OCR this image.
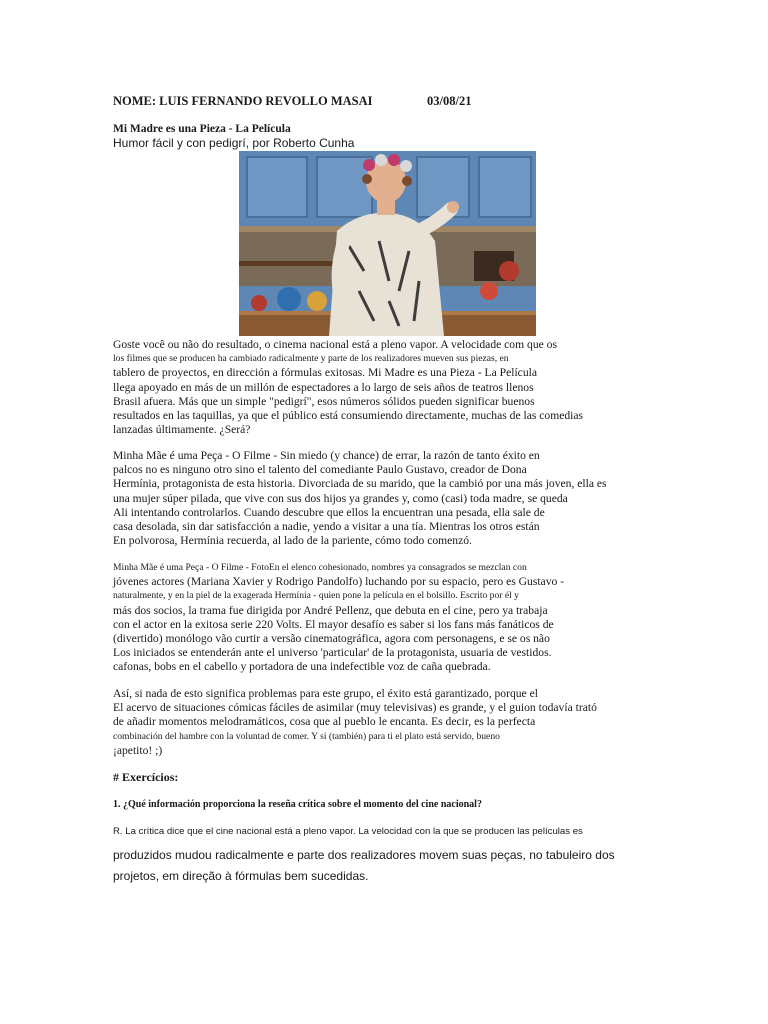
NOME: LUIS FERNANDO REVOLLO MASAI	03/08/21
Mi Madre es una Pieza - La Película
Humor fácil y con pedigrí, por Roberto Cunha
Goste você ou não do resultado, o cinema nacional está a pleno vapor. A velocidade com que os
los filmes que se producen ha cambiado radicalmente y parte de los realizadores mueven sus piezas, en
tablero de proyectos, en dirección a fórmulas exitosas. Mi Madre es una Pieza - La Película
llega apoyado en más de un millón de espectadores a lo largo de seis años de teatros llenos
Brasil afuera. Más que un simple "pedigrí", esos números sólidos pueden significar buenos
resultados en las taquillas, ya que el público está consumiendo directamente, muchas de las comedias
lanzadas últimamente. ¿Será?
Minha Mãe é uma Peça - O Filme - Sin miedo (y chance) de errar, la razón de tanto éxito en
palcos no es ninguno otro sino el talento del comediante Paulo Gustavo, creador de Dona
Hermínia, protagonista de esta historia. Divorciada de su marido, que la cambió por una más joven, ella es
una mujer súper pilada, que vive con sus dos hijos ya grandes y, como (casi) toda madre, se queda
Ali intentando controlarlos. Cuando descubre que ellos la encuentran una pesada, ella sale de
casa desolada, sin dar satisfacción a nadie, yendo a visitar a una tía. Mientras los otros están
En polvorosa, Hermínia recuerda, al lado de la pariente, cómo todo comenzó.
Minha Mãe é uma Peça - O Filme - FotoEn el elenco cohesionado, nombres ya consagrados se mezclan con
jóvenes actores (Mariana Xavier y Rodrigo Pandolfo) luchando por su espacio, pero es Gustavo -
naturalmente, y en la piel de la exagerada Hermínia - quien pone la película en el bolsillo. Escrito por él y
más dos socios, la trama fue dirigida por André Pellenz, que debuta en el cine, pero ya trabaja
con el actor en la exitosa serie 220 Volts. El mayor desafío es saber si los fans más fanáticos de
(divertido) monólogo vão curtir a versão cinematográfica, agora com personagens, e se os não
Los iniciados se entenderán ante el universo 'particular' de la protagonista, usuaria de vestidos.
cafonas, bobs en el cabello y portadora de una indefectible voz de caña quebrada.
Así, si nada de esto significa problemas para este grupo, el éxito está garantizado, porque el
El acervo de situaciones cómicas fáciles de asimilar (muy televisivas) es grande, y el guion todavía trató
de añadir momentos melodramáticos, cosa que al pueblo le encanta. Es decir, es la perfecta
combinación del hambre con la voluntad de comer. Y si (también) para ti el plato está servido, bueno
¡apetito! ;)
# Exercícios:
1. ¿Qué información proporciona la reseña crítica sobre el momento del cine nacional?
R. La crítica dice que el cine nacional está a pleno vapor. La velocidad con la que se producen las películas es
produzidos mudou radicalmente e parte dos realizadores movem suas peças, no tabuleiro dos
projetos, em direção à fórmulas bem sucedidas.
